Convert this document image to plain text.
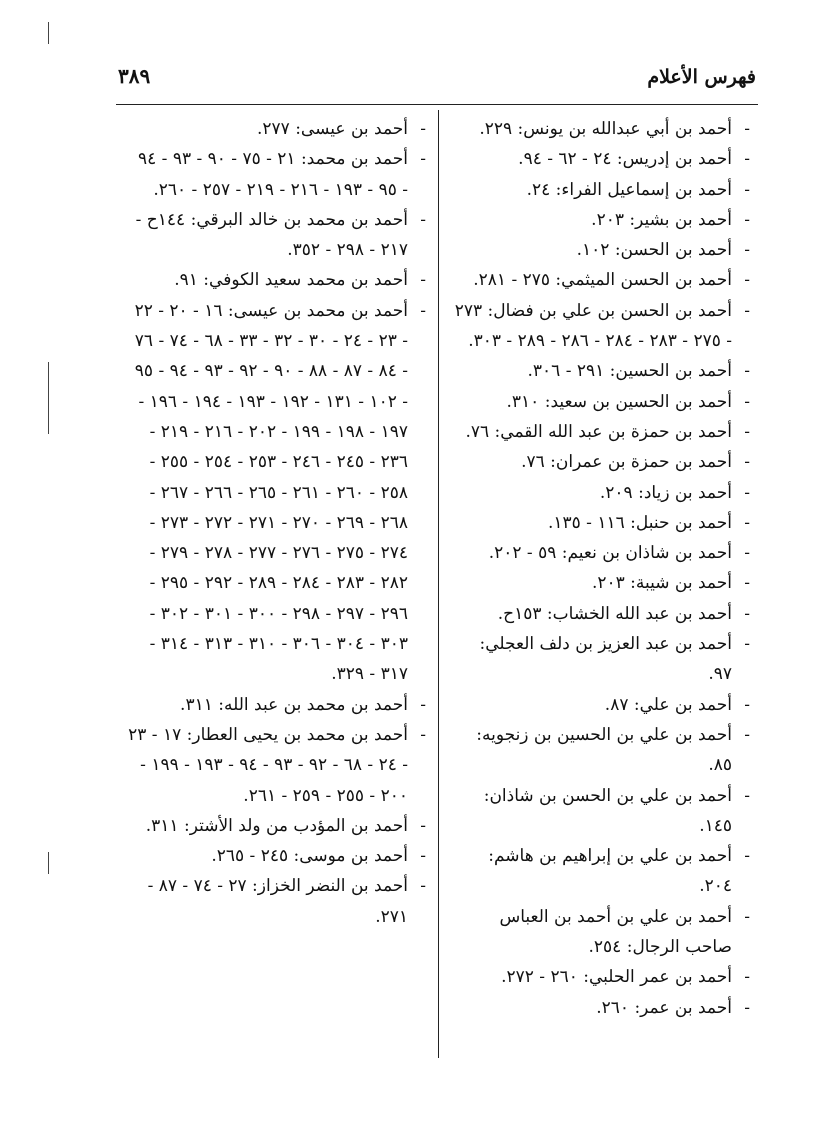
فهرس الأعلام
٣٨٩

- أحمد بن أبي عبدالله بن يونس: ٢٢٩.

- أحمد بن إدريس: ٢٤ - ٦٢ - ٩٤.

- أحمد بن إسماعيل الفراء: ٢٤.

- أحمد بن بشير: ٢٠٣.

- أحمد بن الحسن: ١٠٢.

- أحمد بن الحسن الميثمي: ٢٧٥ - ٢٨١.

- أحمد بن الحسن بن علي بن فضال: ٢٧٣ - ٢٧٥ - ٢٨٣ - ٢٨٤ - ٢٨٦ - ٢٨٩ - ٣٠٣.

- أحمد بن الحسين: ٢٩١ - ٣٠٦.

- أحمد بن الحسين بن سعيد: ٣١٠.

- أحمد بن حمزة بن عبد الله القمي: ٧٦.

- أحمد بن حمزة بن عمران: ٧٦.

- أحمد بن زياد: ٢٠٩.

- أحمد بن حنبل: ١١٦ - ١٣٥.

- أحمد بن شاذان بن نعيم: ٥٩ - ٢٠٢.

- أحمد بن شيبة: ٢٠٣.

- أحمد بن عبد الله الخشاب: ١٥٣ح.

- أحمد بن عبد العزيز بن دلف العجلي: ٩٧.

- أحمد بن علي: ٨٧.

- أحمد بن علي بن الحسين بن زنجويه: ٨٥.

- أحمد بن علي بن الحسن بن شاذان: ١٤٥.

- أحمد بن علي بن إبراهيم بن هاشم: ٢٠٤.

- أحمد بن علي بن أحمد بن العباس صاحب الرجال: ٢٥٤.

- أحمد بن عمر الحلبي: ٢٦٠ - ٢٧٢.

- أحمد بن عمر: ٢٦٠.

- أحمد بن عيسى: ٢٧٧.

- أحمد بن محمد: ٢١ - ٧٥ - ٩٠ - ٩٣ - ٩٤ - ٩٥ - ١٩٣ - ٢١٦ - ٢١٩ - ٢٥٧ - ٢٦٠.

- أحمد بن محمد بن خالد البرقي: ١٤٤ح - ٢١٧ - ٢٩٨ - ٣٥٢.

- أحمد بن محمد سعيد الكوفي: ٩١.

- أحمد بن محمد بن عيسى: ١٦ - ٢٠ - ٢٢ - ٢٣ - ٢٤ - ٣٠ - ٣٢ - ٣٣ - ٦٨ - ٧٤ - ٧٦ - ٨٤ - ٨٧ - ٨٨ - ٩٠ - ٩٢ - ٩٣ - ٩٤ - ٩٥ - ١٠٢ - ١٣١ - ١٩٢ - ١٩٣ - ١٩٤ - ١٩٦ - ١٩٧ - ١٩٨ - ١٩٩ - ٢٠٢ - ٢١٦ - ٢١٩ - ٢٣٦ - ٢٤٥ - ٢٤٦ - ٢٥٣ - ٢٥٤ - ٢٥٥ - ٢٥٨ - ٢٦٠ - ٢٦١ - ٢٦٥ - ٢٦٦ - ٢٦٧ - ٢٦٨ - ٢٦٩ - ٢٧٠ - ٢٧١ - ٢٧٢ - ٢٧٣ - ٢٧٤ - ٢٧٥ - ٢٧٦ - ٢٧٧ - ٢٧٨ - ٢٧٩ - ٢٨٢ - ٢٨٣ - ٢٨٤ - ٢٨٩ - ٢٩٢ - ٢٩٥ - ٢٩٦ - ٢٩٧ - ٢٩٨ - ٣٠٠ - ٣٠١ - ٣٠٢ - ٣٠٣ - ٣٠٤ - ٣٠٦ - ٣١٠ - ٣١٣ - ٣١٤ - ٣١٧ - ٣٢٩.

- أحمد بن محمد بن عبد الله: ٣١١.

- أحمد بن محمد بن يحيى العطار: ١٧ - ٢٣ - ٢٤ - ٦٨ - ٩٢ - ٩٣ - ٩٤ - ١٩٣ - ١٩٩ - ٢٠٠ - ٢٥٥ - ٢٥٩ - ٢٦١.

- أحمد بن المؤدب من ولد الأشتر: ٣١١.

- أحمد بن موسى: ٢٤٥ - ٢٦٥.

- أحمد بن النضر الخزاز: ٢٧ - ٧٤ - ٨٧ - ٢٧١.
